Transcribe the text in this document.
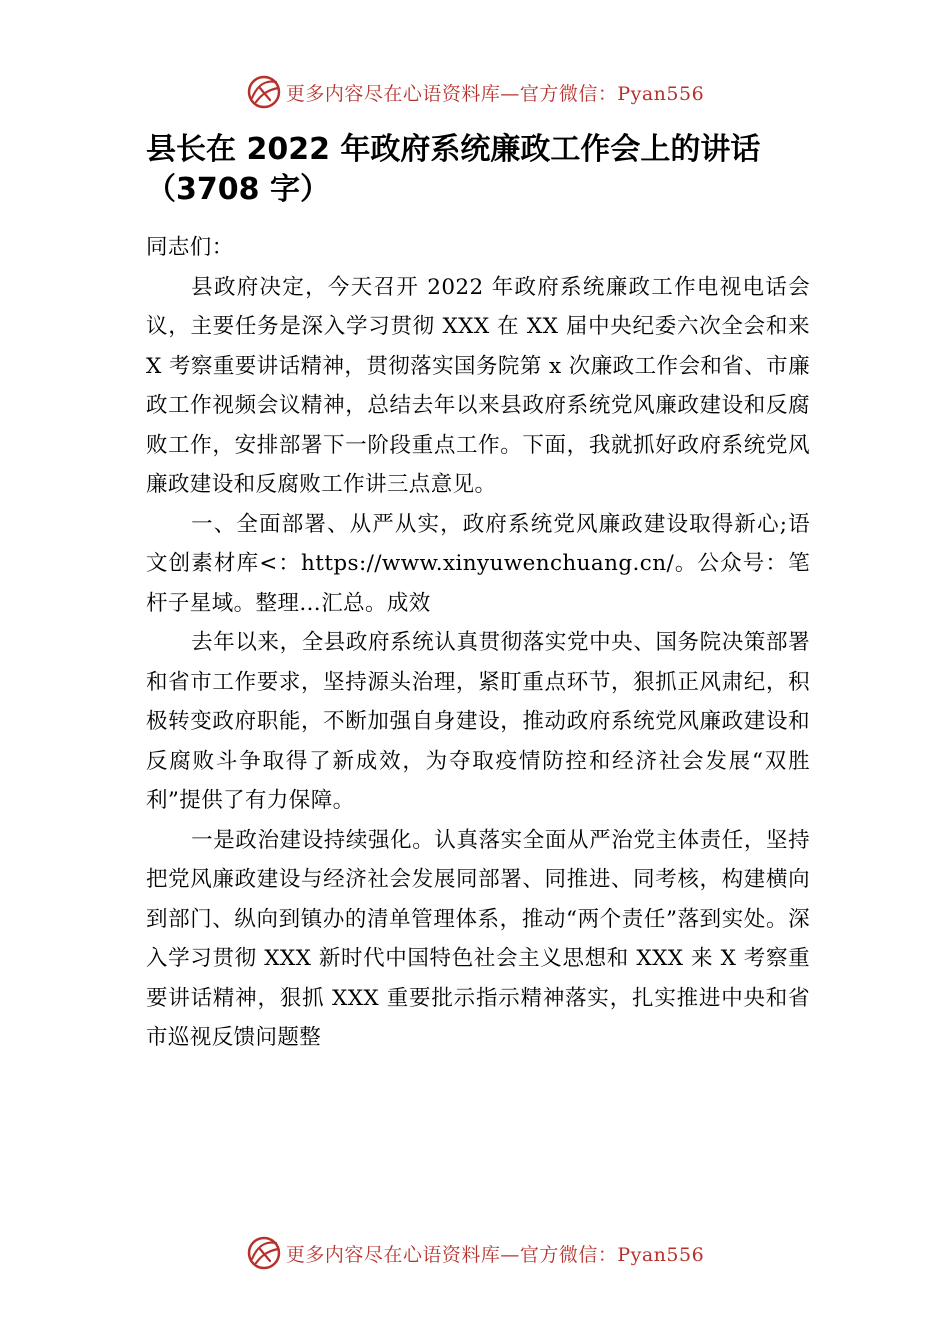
更多内容尽在心语资料库—官方微信：Pyan556
县长在 2022 年政府系统廉政工作会上的讲话（3708 字）

同志们：

县政府决定，今天召开 2022 年政府系统廉政工作电视电话会议，主要任务是深入学习贯彻 XXX 在 XX 届中央纪委六次全会和来 X 考察重要讲话精神，贯彻落实国务院第 x 次廉政工作会和省、市廉政工作视频会议精神，总结去年以来县政府系统党风廉政建设和反腐败工作，安排部署下一阶段重点工作。下面，我就抓好政府系统党风廉政建设和反腐败工作讲三点意见。

一、全面部署、从严从实，政府系统党风廉政建设取得新心;语文创素材库<：https://www.xinyuwenchuang.cn/。公众号：笔杆子星域。整理…汇总。成效

去年以来，全县政府系统认真贯彻落实党中央、国务院决策部署和省市工作要求，坚持源头治理，紧盯重点环节，狠抓正风肃纪，积极转变政府职能，不断加强自身建设，推动政府系统党风廉政建设和反腐败斗争取得了新成效，为夺取疫情防控和经济社会发展“双胜利”提供了有力保障。

一是政治建设持续强化。认真落实全面从严治党主体责任，坚持把党风廉政建设与经济社会发展同部署、同推进、同考核，构建横向到部门、纵向到镇办的清单管理体系，推动“两个责任”落到实处。深入学习贯彻 XXX 新时代中国特色社会主义思想和 XXX 来 X 考察重要讲话精神，狠抓 XXX 重要批示指示精神落实，扎实推进中央和省市巡视反馈问题整

更多内容尽在心语资料库—官方微信：Pyan556
